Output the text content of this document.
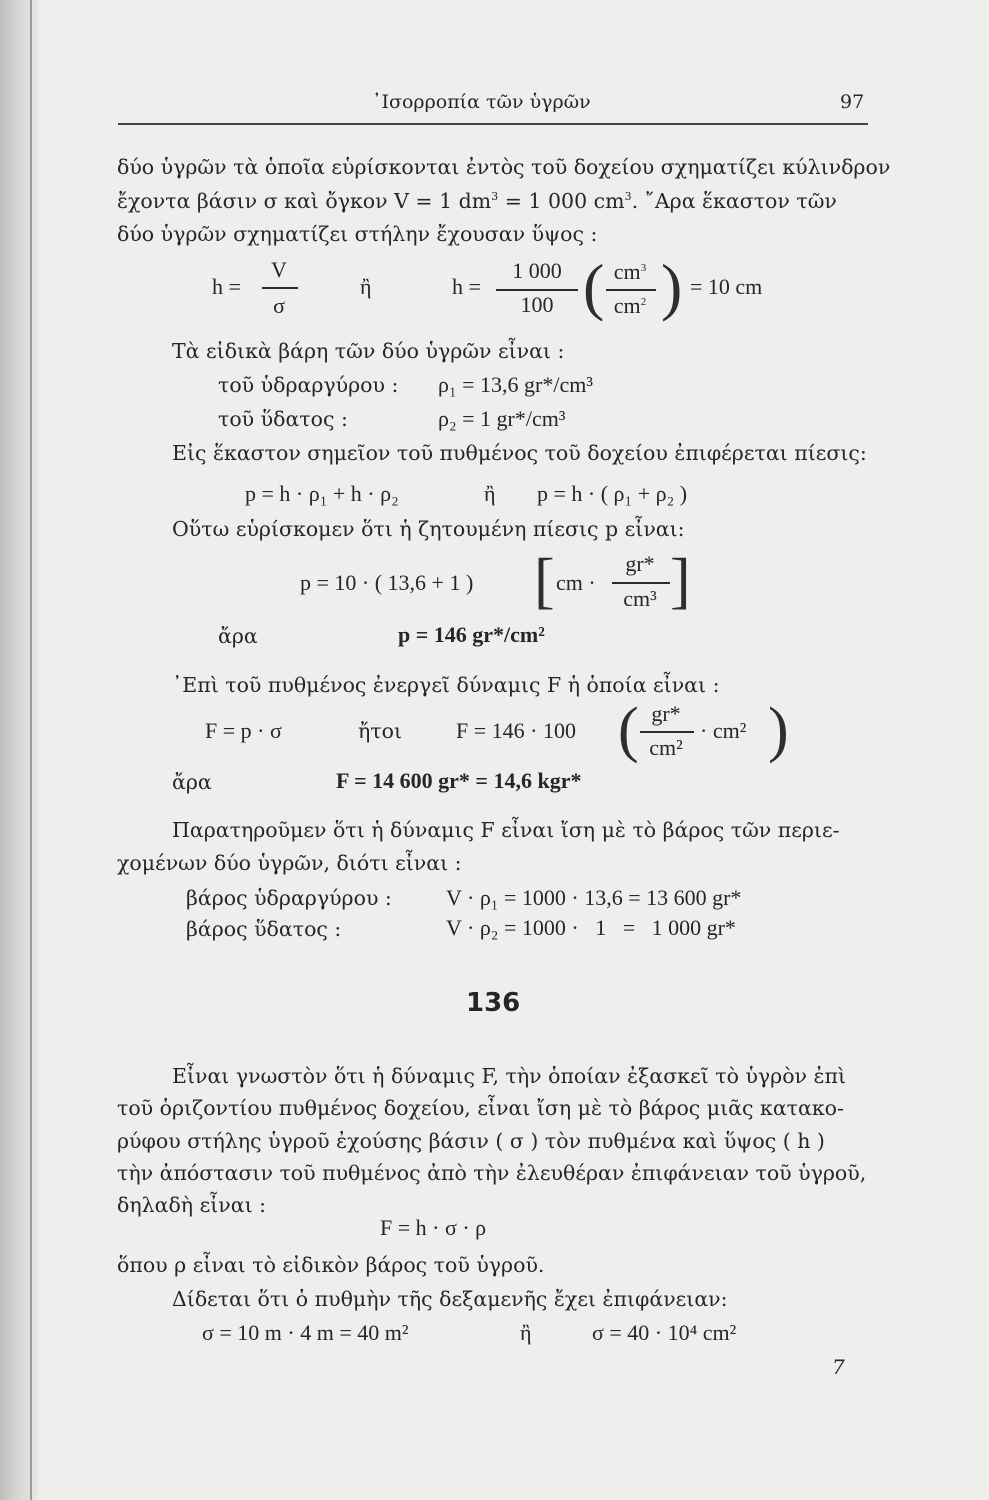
᾿Ισορροπία τῶν ὑγρῶν	97
δύο ὑγρῶν τὰ ὁποῖα εὑρίσκονται ἐντὸς τοῦ δοχείου σχηματίζει κύλινδρον
ἔχοντα βάσιν σ καὶ ὄγκον V = 1 $dm^3 = 1$ 000 $cm^3$. ῎Αρα ἕκαστον τῶν
δύο ὑγρῶν σχηματίζει στήλην ἔχουσαν ὕψος :
h =
V
σ
ἢ	h =
1 000
100 ( $cm^3$
$cm^2$ ) = 10 cm
Τὰ εἰδικὰ βάρη τῶν δύο ὑγρῶν εἶναι :
τοῦ ὑδραργύρου : ρ₁ = 13,6 gr*/cm³
τοῦ ὕδατος :	ρ₂ = 1 gr*/cm³
Εἰς ἕκαστον σημεῖον τοῦ πυθμένος τοῦ δοχείου ἐπιφέρεται πίεσις:
p = h · ρ₁ + h · ρ₂	ἢ p = h · ( ρ₁ + ρ₂ )
Οὕτω εὑρίσκομεν ὅτι ἡ ζητουμένη πίεσις p εἶναι:
p = 10 · ( 13,6 + 1 ) [ cm ·
gr*
cm³ ]
ἄρα	p = 146 gr*/cm²
᾿Επὶ τοῦ πυθμένος ἐνεργεῖ δύναμις F ἡ ὁποία εἶναι :
F = p · σ	ἤτοι F = 146 · 100 ( gr*
cm²
· cm² )
ἄρα	F = 14 600 gr* = 14,6 kgr*
Παρατηροῦμεν ὅτι ἡ δύναμις F εἶναι ἴση μὲ τὸ βάρος τῶν περιε-
χομένων δύο ὑγρῶν, διότι εἶναι :
βάρος ὑδραργύρου : V · ρ₁ = 1000 · 13,6 = 13 600 gr*
βάρος ὕδατος :	V · ρ₂ = 1000 ·   1   =   1 000 gr*
136
Εἶναι γνωστὸν ὅτι ἡ δύναμις F, τὴν ὁποίαν ἐξασκεῖ τὸ ὑγρὸν ἐπὶ
τοῦ ὁριζοντίου πυθμένος δοχείου, εἶναι ἴση μὲ τὸ βάρος μιᾶς κατακο-
ρύφου στήλης ὑγροῦ ἐχούσης βάσιν ( σ ) τὸν πυθμένα καὶ ὕψος ( h )
τὴν ἀπόστασιν τοῦ πυθμένος ἀπὸ τὴν ἐλευθέραν ἐπιφάνειαν τοῦ ὑγροῦ,
δηλαδὴ εἶναι :
F = h · σ · ρ
ὅπου ρ εἶναι τὸ εἰδικὸν βάρος τοῦ ὑγροῦ.
Δίδεται ὅτι ὁ πυθμὴν τῆς δεξαμενῆς ἔχει ἐπιφάνειαν:
σ = 10 m · 4 m = 40 m²	ἢ	σ = 40 · 10⁴ cm²
7
